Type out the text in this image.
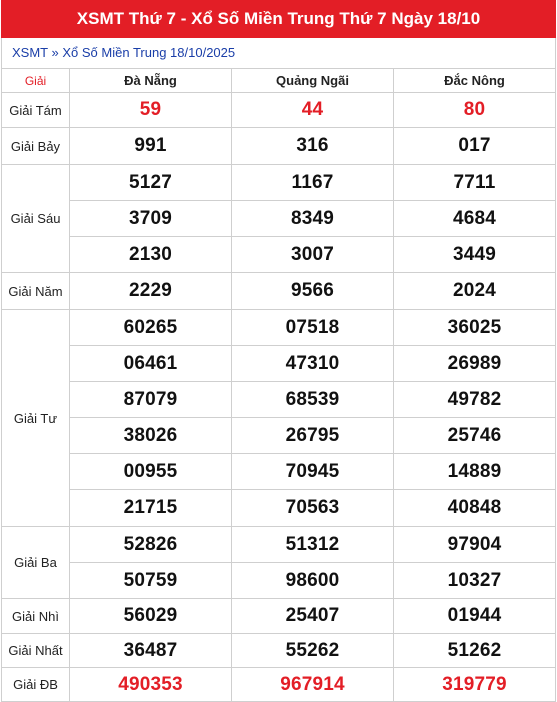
XSMT Thứ 7 - Xổ Số Miền Trung Thứ 7 Ngày 18/10
XSMT » Xổ Số Miền Trung 18/10/2025
Giải	Đà Nẵng	Quảng Ngãi	Đắc Nông
Giải Tám	59	44	80
Giải Bảy	991	316	017
Giải Sáu	5127	1167	7711
	3709	8349	4684
	2130	3007	3449
Giải Năm	2229	9566	2024
Giải Tư	60265	07518	36025
	06461	47310	26989
	87079	68539	49782
	38026	26795	25746
	00955	70945	14889
	21715	70563	40848
Giải Ba	52826	51312	97904
	50759	98600	10327
Giải Nhì	56029	25407	01944
Giải Nhất	36487	55262	51262
Giải ĐB	490353	967914	319779
